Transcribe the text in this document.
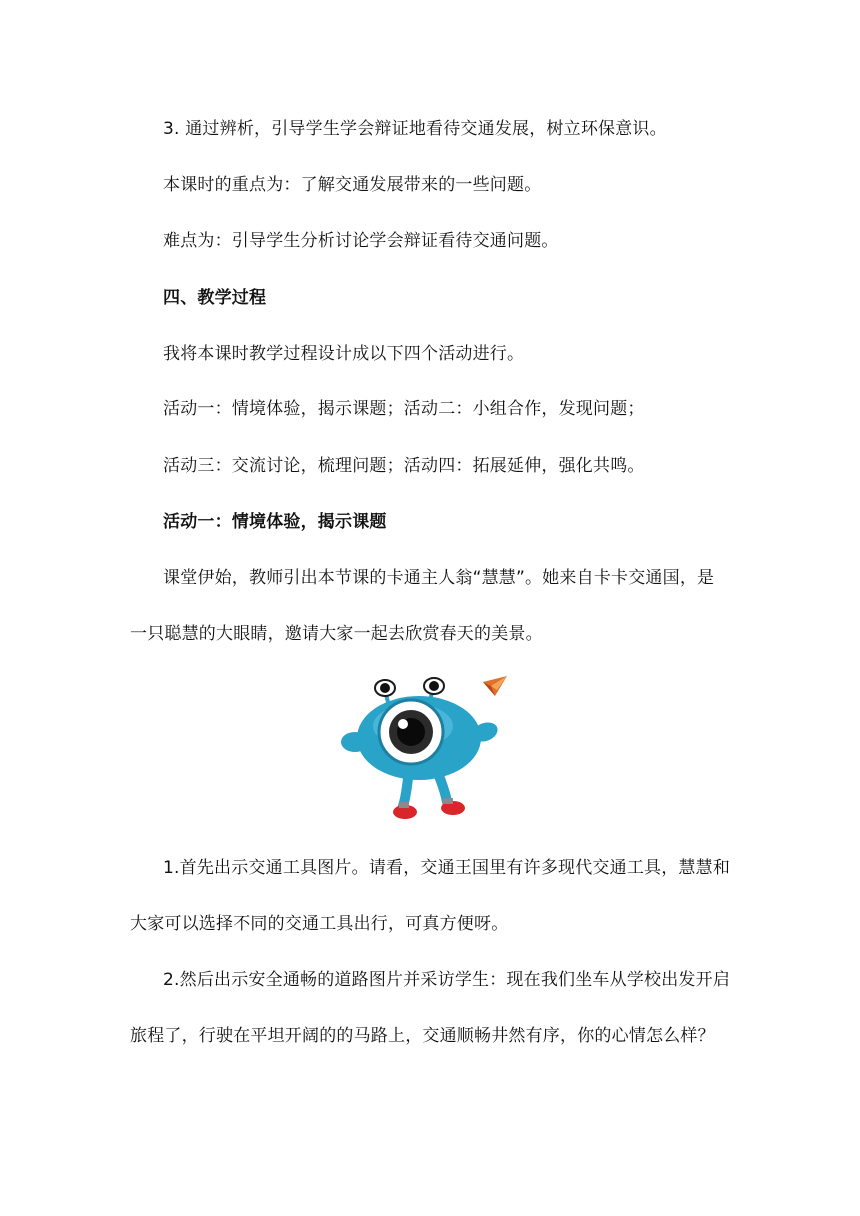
3. 通过辨析，引导学生学会辩证地看待交通发展，树立环保意识。
本课时的重点为：了解交通发展带来的一些问题。
难点为：引导学生分析讨论学会辩证看待交通问题。
四、教学过程
我将本课时教学过程设计成以下四个活动进行。
活动一：情境体验，揭示课题；活动二：小组合作，发现问题；
活动三：交流讨论，梳理问题；活动四：拓展延伸，强化共鸣。
活动一：情境体验，揭示课题
课堂伊始，教师引出本节课的卡通主人翁“慧慧”。她来自卡卡交通国，是
一只聪慧的大眼睛，邀请大家一起去欣赏春天的美景。
1.首先出示交通工具图片。请看，交通王国里有许多现代交通工具，慧慧和
大家可以选择不同的交通工具出行，可真方便呀。
2.然后出示安全通畅的道路图片并采访学生：现在我们坐车从学校出发开启
旅程了，行驶在平坦开阔的的马路上，交通顺畅井然有序，你的心情怎么样？
